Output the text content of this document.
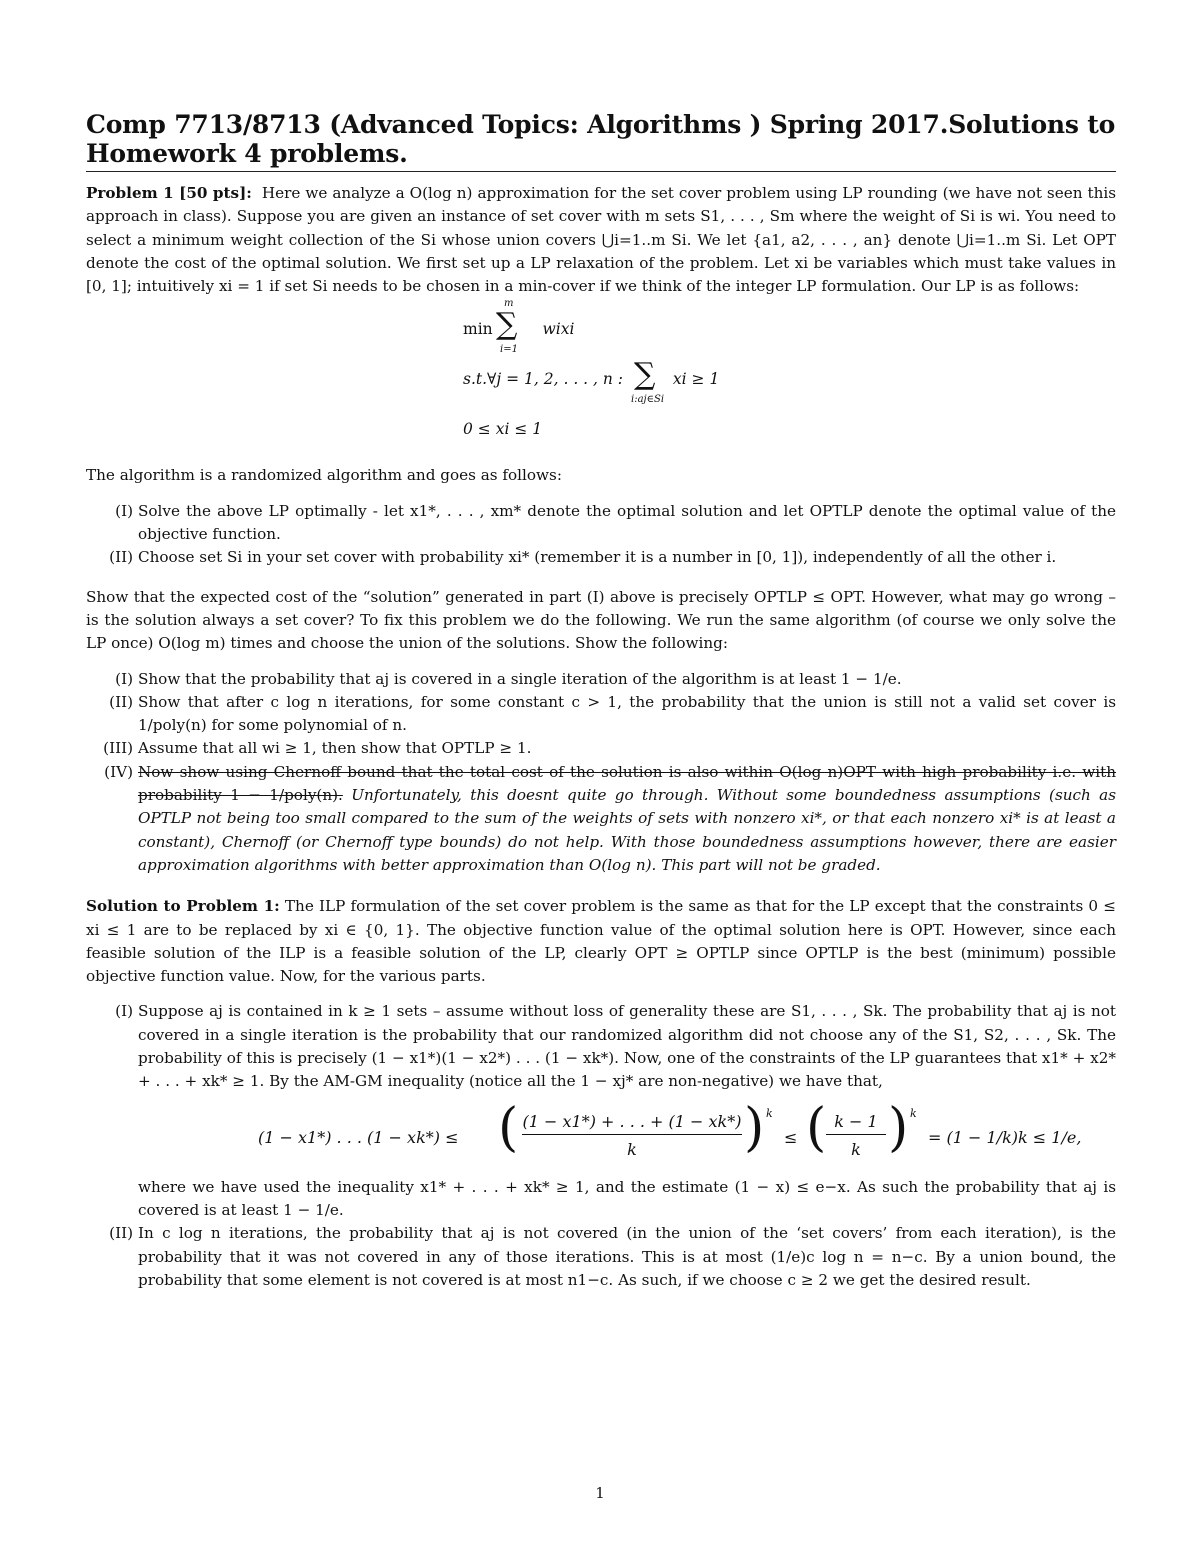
Comp 7713/8713 (Advanced Topics: Algorithms ) Spring 2017.Solutions to Homework 4 problems.

Problem 1 [50 pts]: Here we analyze a O(log n) approximation for the set cover problem using LP rounding (we have not seen this approach in class). Suppose you are given an instance of set cover with m sets S1, . . . , Sm where the weight of Si is wi. You need to select a minimum weight collection of the Si whose union covers ⋃i=1..m Si. We let {a1, a2, . . . , an} denote ⋃i=1..m Si. Let OPT denote the cost of the optimal solution. We first set up a LP relaxation of the problem. Let xi be variables which must take values in [0, 1]; intuitively xi = 1 if set Si needs to be chosen in a min-cover if we think of the integer LP formulation. Our LP is as follows:

min	wixi
∑
m
i=1
s.t.∀j = 1, 2, . . . , n :	xi ≥ 1
∑
i:aj∈Si
0 ≤ xi ≤ 1

The algorithm is a randomized algorithm and goes as follows:

(I) Solve the above LP optimally - let x1*, . . . , xm* denote the optimal solution and let OPTLP denote the optimal value of the objective function.
(II) Choose set Si in your set cover with probability xi* (remember it is a number in [0, 1]), independently of all the other i.

Show that the expected cost of the “solution” generated in part (I) above is precisely OPTLP ≤ OPT. However, what may go wrong – is the solution always a set cover? To fix this problem we do the following. We run the same algorithm (of course we only solve the LP once) O(log m) times and choose the union of the solutions. Show the following:

(I) Show that the probability that aj is covered in a single iteration of the algorithm is at least 1 − 1/e.
(II) Show that after c log n iterations, for some constant c > 1, the probability that the union is still not a valid set cover is 1/poly(n) for some polynomial of n.
(III) Assume that all wi ≥ 1, then show that OPTLP ≥ 1.
(IV) Now show using Chernoff bound that the total cost of the solution is also within O(log n)OPT with high probability i.e. with probability 1 − 1/poly(n). Unfortunately, this doesnt quite go through. Without some boundedness assumptions (such as OPTLP not being too small compared to the sum of the weights of sets with nonzero xi*, or that each nonzero xi* is at least a constant), Chernoff (or Chernoff type bounds) do not help. With those boundedness assumptions however, there are easier approximation algorithms with better approximation than O(log n). This part will not be graded.

Solution to Problem 1: The ILP formulation of the set cover problem is the same as that for the LP except that the constraints 0 ≤ xi ≤ 1 are to be replaced by xi ∈ {0, 1}. The objective function value of the optimal solution here is OPT. However, since each feasible solution of the ILP is a feasible solution of the LP, clearly OPT ≥ OPTLP since OPTLP is the best (minimum) possible objective function value. Now, for the various parts.

(I) Suppose aj is contained in k ≥ 1 sets – assume without loss of generality these are S1, . . . , Sk. The probability that aj is not covered in a single iteration is the probability that our randomized algorithm did not choose any of the S1, S2, . . . , Sk. The probability of this is precisely (1 − x1*)(1 − x2*) . . . (1 − xk*). Now, one of the constraints of the LP guarantees that x1* + x2* + . . . + xk* ≥ 1. By the AM-GM inequality (notice all the 1 − xj* are non-negative) we have that,
(1 − x1*) . . . (1 − xk*) ≤ ( (1 − x1*) + . . . + (1 − xk*)
k	) k
≤ ( k − 1
k ) k
= (1 − 1/k)k ≤ 1/e,
where we have used the inequality x1* + . . . + xk* ≥ 1, and the estimate (1 − x) ≤ e−x. As such the probability that aj is covered is at least 1 − 1/e.
(II) In c log n iterations, the probability that aj is not covered (in the union of the ‘set covers’ from each iteration), is the probability that it was not covered in any of those iterations. This is at most (1/e)c log n = n−c. By a union bound, the probability that some element is not covered is at most n1−c. As such, if we choose c ≥ 2 we get the desired result.
1
